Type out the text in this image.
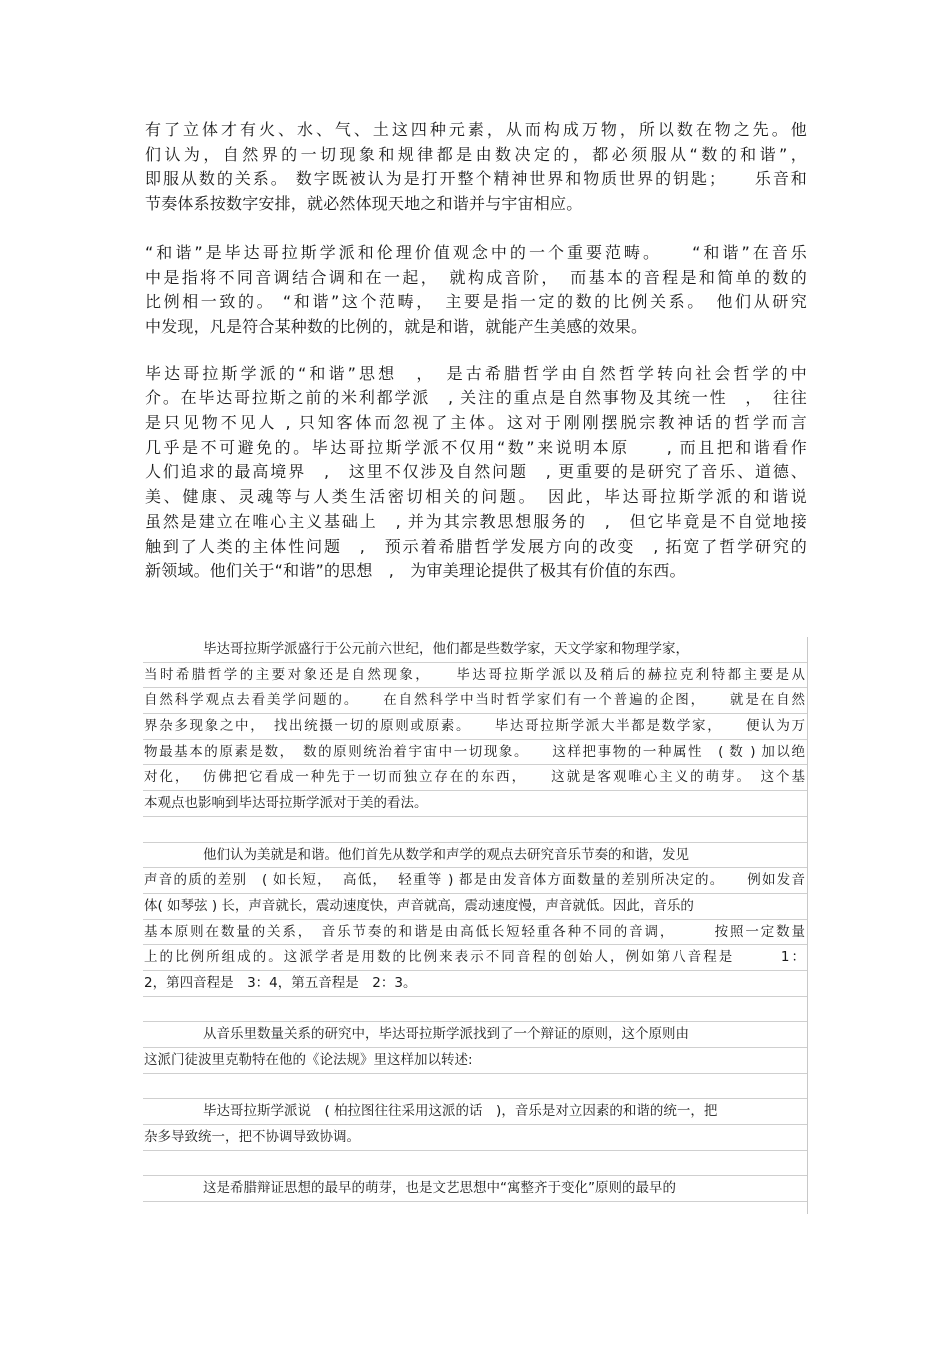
有了立体才有火、水、气、土这四种元素，从而构成万物，所以数在物之先。他
们认为，自然界的一切现象和规律都是由数决定的，都必须服从“数的和谐”，
即服从数的关系。 数字既被认为是打开整个精神世界和物质世界的钥匙；　　乐音和
节奏体系按数字安排，就必然体现天地之和谐并与宇宙相应。

“和谐”是毕达哥拉斯学派和伦理价值观念中的一个重要范畴。　　“和谐”在音乐
中是指将不同音调结合调和在一起，　就构成音阶，　而基本的音程是和简单的数的
比例相一致的。 “和谐”这个范畴，　主要是指一定的数的比例关系。　他们从研究
中发现，凡是符合某种数的比例的，就是和谐，就能产生美感的效果。

毕达哥拉斯学派的“和谐”思想　，　是古希腊哲学由自然哲学转向社会哲学的中
介。在毕达哥拉斯之前的米利都学派　, 关注的重点是自然事物及其统一性　，　往往
是只见物不见人 , 只知客体而忽视了主体。这对于刚刚摆脱宗教神话的哲学而言
几乎是不可避免的。毕达哥拉斯学派不仅用“数”来说明本原　　, 而且把和谐看作
人们追求的最高境界　,　这里不仅涉及自然问题　, 更重要的是研究了音乐、道德、
美、健康、灵魂等与人类生活密切相关的问题。　因此，毕达哥拉斯学派的和谐说
虽然是建立在唯心主义基础上　, 并为其宗教思想服务的　,　但它毕竟是不自觉地接
触到了人类的主体性问题　,　预示着希腊哲学发展方向的改变　, 拓宽了哲学研究的
新领域。他们关于“和谐”的思想　,　为审美理论提供了极其有价值的东西。

毕达哥拉斯学派盛行于公元前六世纪，他们都是些数学家，天文学家和物理学家，
当时希腊哲学的主要对象还是自然现象，　　毕达哥拉斯学派以及稍后的赫拉克利特都主要是从
自然科学观点去看美学问题的。　　在自然科学中当时哲学家们有一个普遍的企图，　　就是在自然
界杂多现象之中，　找出统摄一切的原则或原素。　　毕达哥拉斯学派大半都是数学家，　　便认为万
物最基本的原素是数，　数的原则统治着宇宙中一切现象。　　这样把事物的一种属性　( 数 ) 加以绝
对化，  仿佛把它看成一种先于一切而独立存在的东西，　　这就是客观唯心主义的萌芽。　这个基
本观点也影响到毕达哥拉斯学派对于美的看法。
他们认为美就是和谐。他们首先从数学和声学的观点去研究音乐节奏的和谐，发见
声音的质的差别　( 如长短，  高低，  轻重等 ) 都是由发音体方面数量的差别所决定的。　　例如发音
体( 如琴弦 ) 长，声音就长，震动速度快，声音就高，震动速度慢，声音就低。因此，音乐的
基本原则在数量的关系，　音乐节奏的和谐是由高低长短轻重各种不同的音调，　　　按照一定数量
上的比例所组成的。这派学者是用数的比例来表示不同音程的创始人，例如第八音程是　　　1：
2，第四音程是　3：4，第五音程是　2：3。
从音乐里数量关系的研究中，毕达哥拉斯学派找到了一个辩证的原则，这个原则由
这派门徒波里克勒特在他的《论法规》里这样加以转述:
毕达哥拉斯学派说　( 柏拉图往往采用这派的话　)，音乐是对立因素的和谐的统一，把
杂多导致统一，把不协调导致协调。
这是希腊辩证思想的最早的萌芽，也是文艺思想中“寓整齐于变化”原则的最早的
